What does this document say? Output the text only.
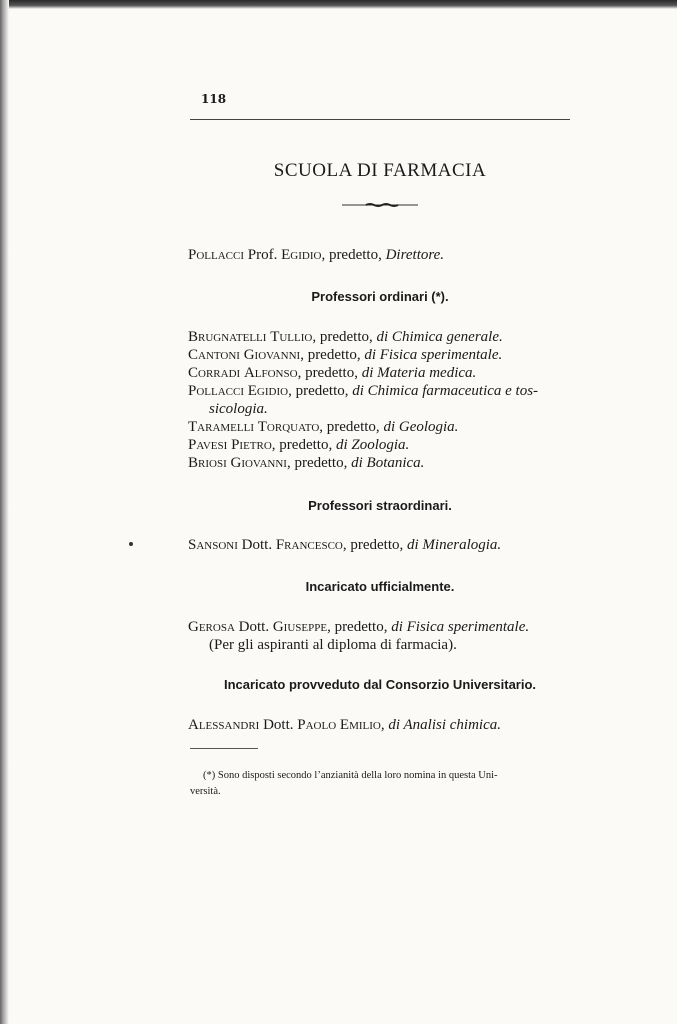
118
SCUOLA DI FARMACIA
Pollacci Prof. Egidio, predetto, Direttore.
Professori ordinari (*).
Brugnatelli Tullio, predetto, di Chimica generale.
Cantoni Giovanni, predetto, di Fisica sperimentale.
Corradi Alfonso, predetto, di Materia medica.
Pollacci Egidio, predetto, di Chimica farmaceutica e tos-
sicologia.
Taramelli Torquato, predetto, di Geologia.
Pavesi Pietro, predetto, di Zoologia.
Briosi Giovanni, predetto, di Botanica.
Professori straordinari.
Sansoni Dott. Francesco, predetto, di Mineralogia.
Incaricato ufficialmente.
Gerosa Dott. Giuseppe, predetto, di Fisica sperimentale.
(Per gli aspiranti al diploma di farmacia).
Incaricato provveduto dal Consorzio Universitario.
Alessandri Dott. Paolo Emilio, di Analisi chimica.
(*) Sono disposti secondo l’anzianità della loro nomina in questa Uni-
versità.
